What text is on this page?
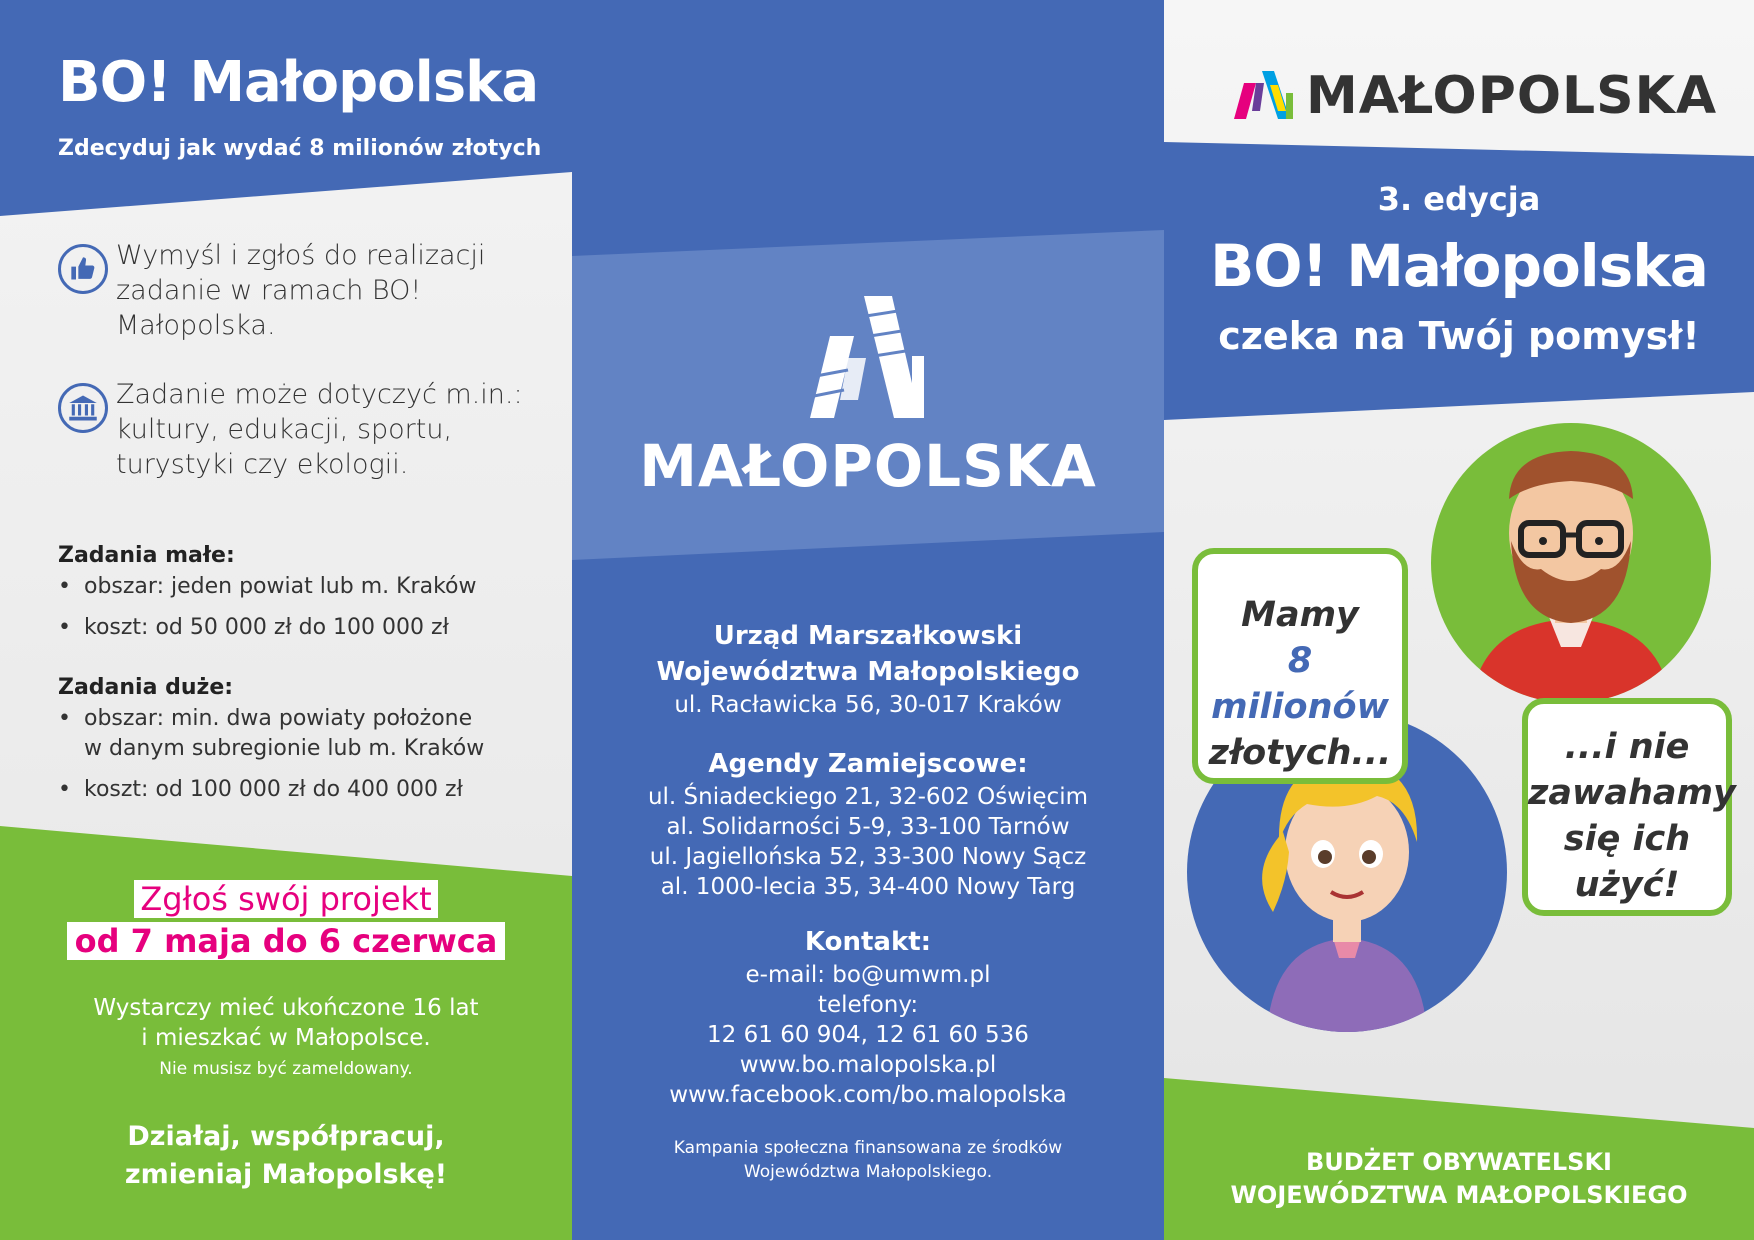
BO! Małopolska
Zdecyduj jak wydać 8 milionów złotych
Wymyśl i zgłoś do realizacji
zadanie w ramach BO!
Małopolska.
Zadanie może dotyczyć m.in.:
kultury, edukacji, sportu,
turystyki czy ekologii.
Zadania małe:
• obszar: jeden powiat lub m. Kraków
• koszt: od 50 000 zł do 100 000 zł
Zadania duże:
• obszar: min. dwa powiaty położone
w danym subregionie lub m. Kraków
• koszt: od 100 000 zł do 400 000 zł
Zgłoś swój projekt
od 7 maja do 6 czerwca
Wystarczy mieć ukończone 16 lat
i mieszkać w Małopolsce.
Nie musisz być zameldowany.
Działaj, współpracuj,
zmieniaj Małopolskę!
MAŁOPOLSKA
Urząd Marszałkowski
Województwa Małopolskiego
ul. Racławicka 56, 30-017 Kraków
Agendy Zamiejscowe:
ul. Śniadeckiego 21, 32-602 Oświęcim
al. Solidarności 5-9, 33-100 Tarnów
ul. Jagiellońska 52, 33-300 Nowy Sącz
al. 1000-lecia 35, 34-400 Nowy Targ
Kontakt:
e-mail: bo@umwm.pl
telefony:
12 61 60 904, 12 61 60 536
www.bo.malopolska.pl
www.facebook.com/bo.malopolska
Kampania społeczna finansowana ze środków
Województwa Małopolskiego.
MAŁOPOLSKA
3. edycja
BO! Małopolska
czeka na Twój pomysł!
Mamy
8 milionów
złotych...	...i nie
zawahamy
się ich
użyć!
BUDŻET OBYWATELSKI
WOJEWÓDZTWA MAŁOPOLSKIEGO
